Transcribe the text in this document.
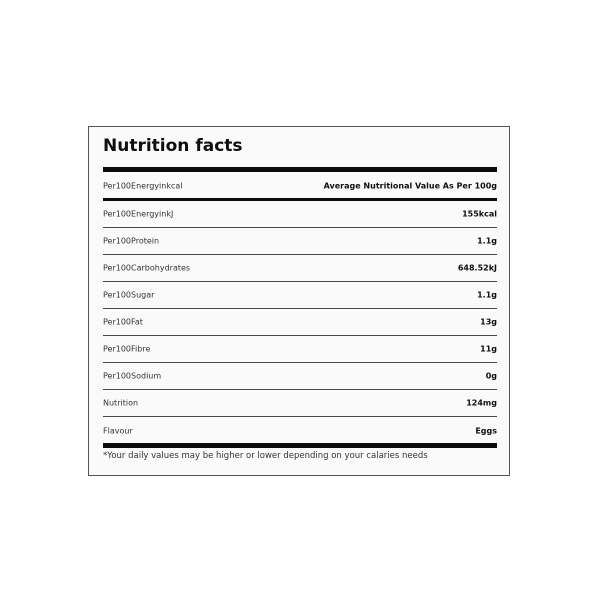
Nutrition facts
Per100Energyinkcal	Average Nutritional Value As Per 100g
Per100EnergyinkJ	155kcal
Per100Protein	1.1g
Per100Carbohydrates	648.52kJ
Per100Sugar	1.1g
Per100Fat	13g
Per100Fibre	11g
Per100Sodium	0g
Nutrition	124mg
Flavour	Eggs
*Your daily values may be higher or lower depending on your calaries needs
